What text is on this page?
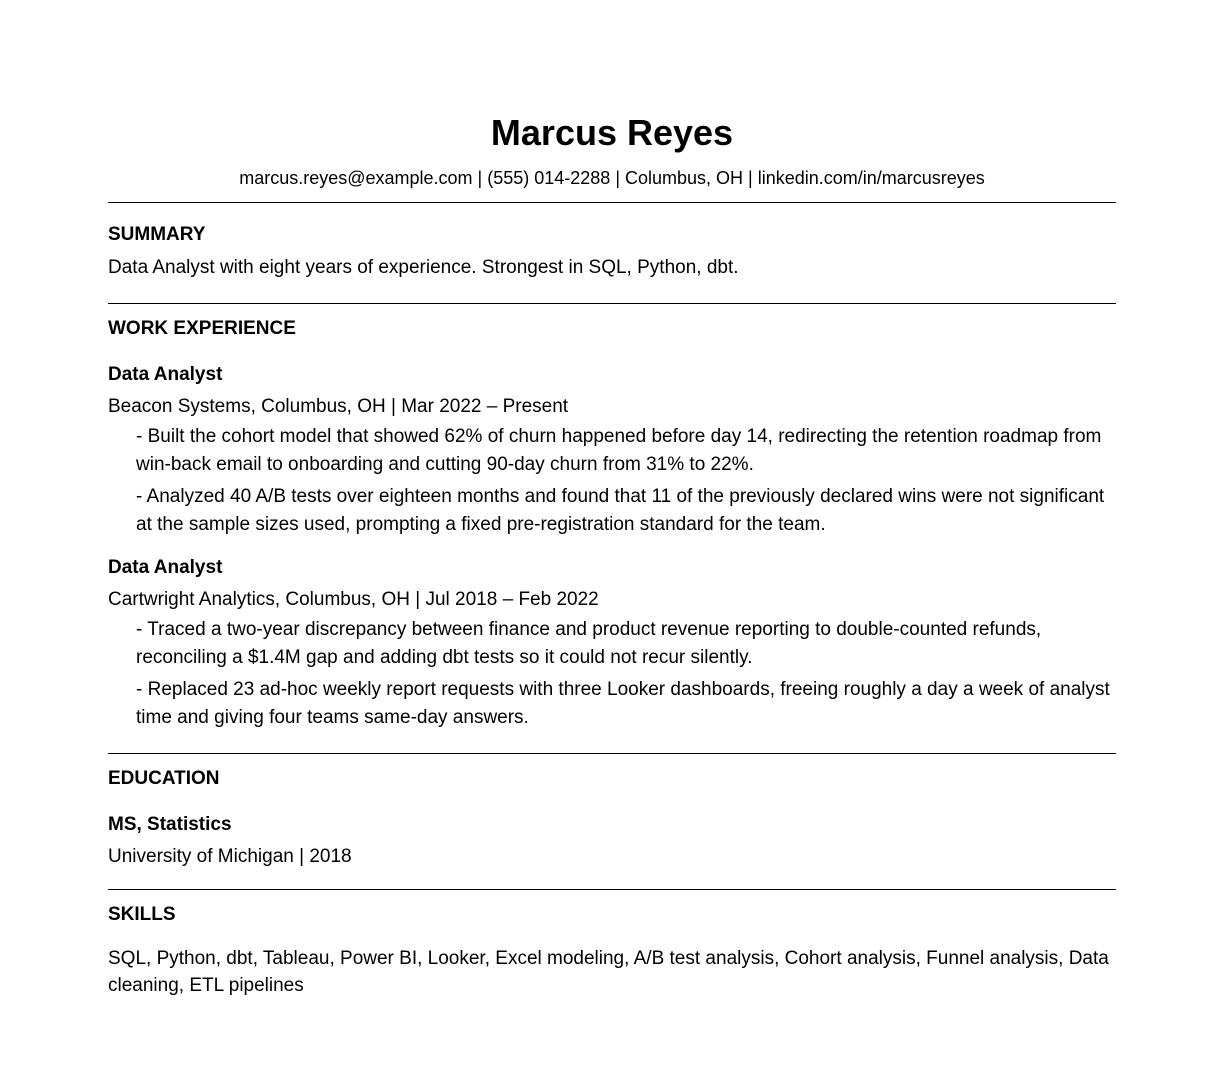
Marcus Reyes
marcus.reyes@example.com | (555) 014-2288 | Columbus, OH | linkedin.com/in/marcusreyes
SUMMARY
Data Analyst with eight years of experience. Strongest in SQL, Python, dbt.
WORK EXPERIENCE
Data Analyst
Beacon Systems, Columbus, OH | Mar 2022 – Present
- Built the cohort model that showed 62% of churn happened before day 14, redirecting the retention roadmap from win-back email to onboarding and cutting 90-day churn from 31% to 22%.
- Analyzed 40 A/B tests over eighteen months and found that 11 of the previously declared wins were not significant at the sample sizes used, prompting a fixed pre-registration standard for the team.
Data Analyst
Cartwright Analytics, Columbus, OH | Jul 2018 – Feb 2022
- Traced a two-year discrepancy between finance and product revenue reporting to double-counted refunds, reconciling a $1.4M gap and adding dbt tests so it could not recur silently.
- Replaced 23 ad-hoc weekly report requests with three Looker dashboards, freeing roughly a day a week of analyst time and giving four teams same-day answers.
EDUCATION
MS, Statistics
University of Michigan | 2018
SKILLS
SQL, Python, dbt, Tableau, Power BI, Looker, Excel modeling, A/B test analysis, Cohort analysis, Funnel analysis, Data cleaning, ETL pipelines
